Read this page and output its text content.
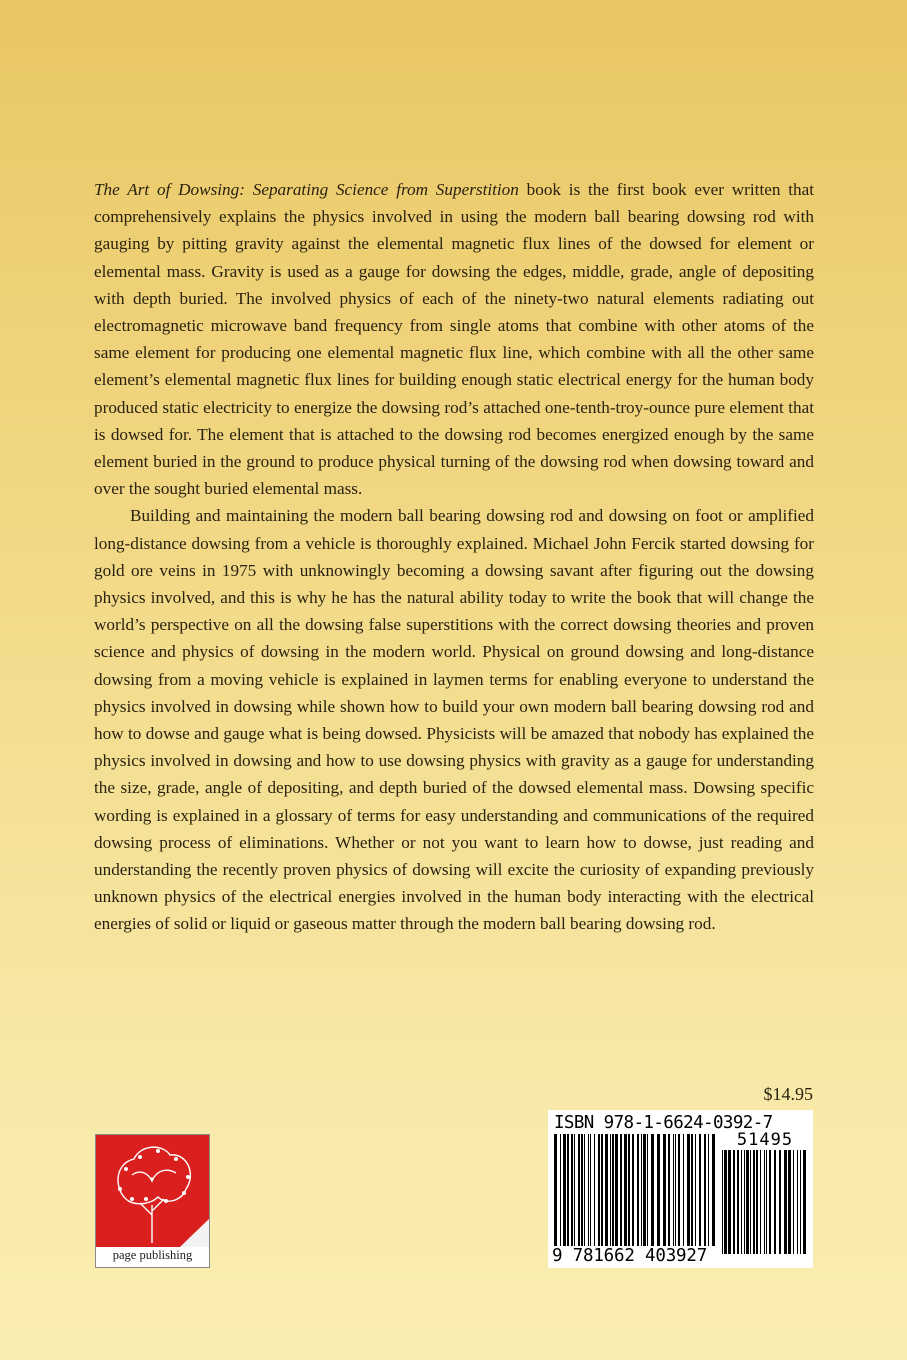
The Art of Dowsing: Separating Science from Superstition book is the first book ever written that comprehensively explains the physics involved in using the modern ball bearing dowsing rod with gauging by pitting gravity against the elemental magnetic flux lines of the dowsed for element or elemental mass. Gravity is used as a gauge for dowsing the edges, middle, grade, angle of depositing with depth buried. The involved physics of each of the ninety-two natural elements radiating out electromagnetic microwave band frequency from single atoms that combine with other atoms of the same element for producing one elemental magnetic flux line, which combine with all the other same element’s elemental magnetic flux lines for building enough static electrical energy for the human body produced static electricity to energize the dowsing rod’s attached one-tenth-troy-ounce pure element that is dowsed for. The element that is attached to the dowsing rod becomes energized enough by the same element buried in the ground to produce physical turning of the dowsing rod when dowsing toward and over the sought buried elemental mass.

Building and maintaining the modern ball bearing dowsing rod and dowsing on foot or amplified long-distance dowsing from a vehicle is thoroughly explained. Michael John Fercik started dowsing for gold ore veins in 1975 with unknowingly becoming a dowsing savant after figuring out the dowsing physics involved, and this is why he has the natural ability today to write the book that will change the world’s perspective on all the dowsing false superstitions with the correct dowsing theories and proven science and physics of dowsing in the modern world. Physical on ground dowsing and long-distance dowsing from a moving vehicle is explained in laymen terms for enabling everyone to understand the physics involved in dowsing while shown how to build your own modern ball bearing dowsing rod and how to dowse and gauge what is being dowsed. Physicists will be amazed that nobody has explained the physics involved in dowsing and how to use dowsing physics with gravity as a gauge for understanding the size, grade, angle of depositing, and depth buried of the dowsed elemental mass. Dowsing specific wording is explained in a glossary of terms for easy understanding and communications of the required dowsing process of eliminations. Whether or not you want to learn how to dowse, just reading and understanding the recently proven physics of dowsing will excite the curiosity of expanding previously unknown physics of the electrical energies involved in the human body interacting with the electrical energies of solid or liquid or gaseous matter through the modern ball bearing dowsing rod.

$14.95
ISBN 978-1-6624-0392-7
51495
9 781662 403927
page publishing
